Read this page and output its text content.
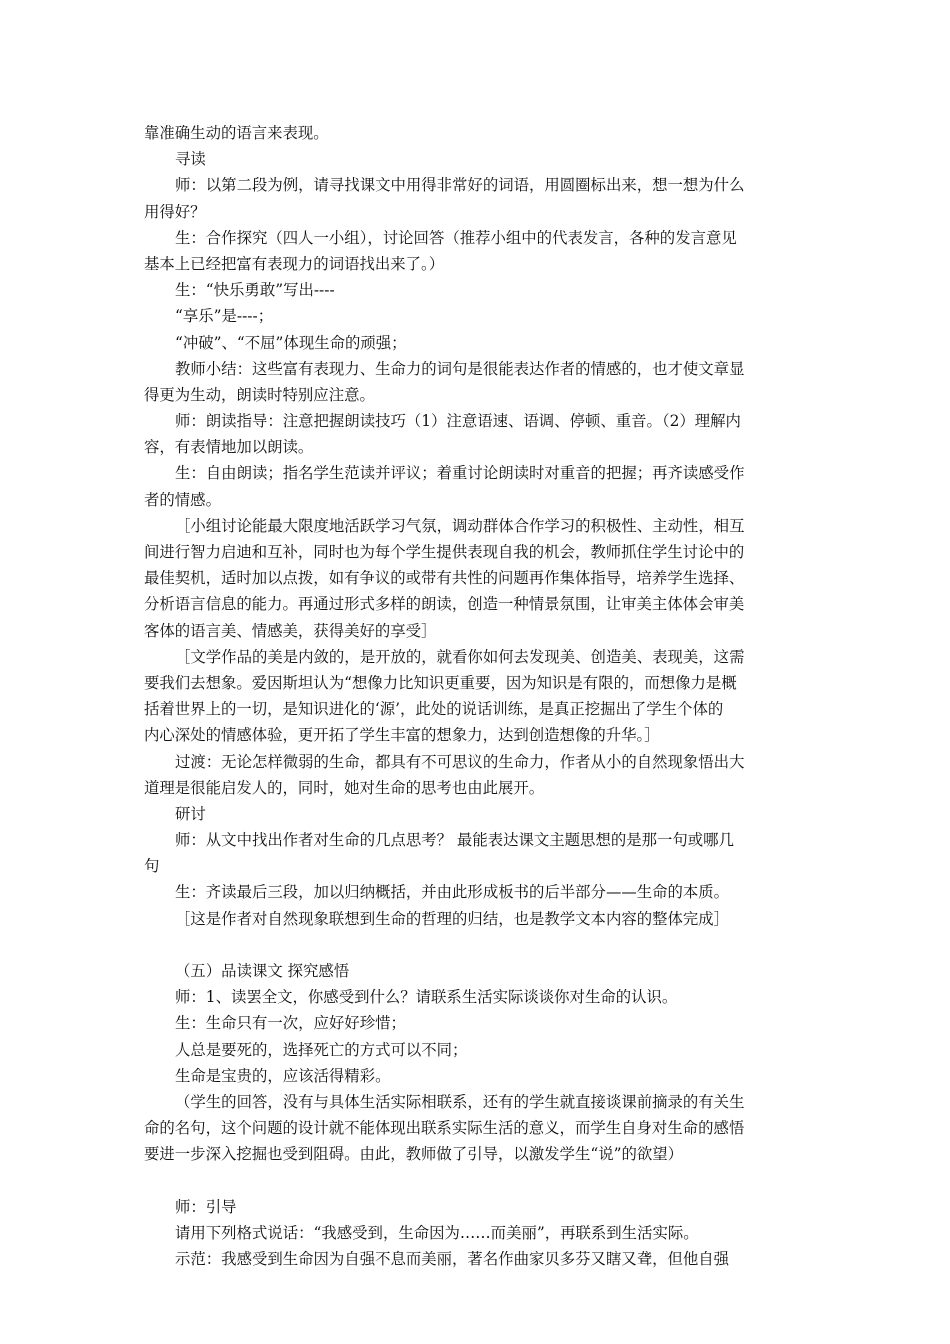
靠准确生动的语言来表现。
寻读
师：以第二段为例，请寻找课文中用得非常好的词语，用圆圈标出来，想一想为什么
用得好？
生：合作探究（四人一小组），讨论回答（推荐小组中的代表发言，各种的发言意见
基本上已经把富有表现力的词语找出来了。）
生：“快乐勇敢”写出----
“享乐”是----；
“冲破”、“不屈”体现生命的顽强；
教师小结：这些富有表现力、生命力的词句是很能表达作者的情感的，也才使文章显
得更为生动，朗读时特别应注意。
师：朗读指导：注意把握朗读技巧（1）注意语速、语调、停顿、重音。（2）理解内
容，有表情地加以朗读。
生：自由朗读；指名学生范读并评议；着重讨论朗读时对重音的把握；再齐读感受作
者的情感。
［小组讨论能最大限度地活跃学习气氛，调动群体合作学习的积极性、主动性，相互
间进行智力启迪和互补，同时也为每个学生提供表现自我的机会，教师抓住学生讨论中的
最佳契机，适时加以点拨，如有争议的或带有共性的问题再作集体指导，培养学生选择、
分析语言信息的能力。再通过形式多样的朗读，创造一种情景氛围，让审美主体体会审美
客体的语言美、情感美，获得美好的享受］
［文学作品的美是内敛的，是开放的，就看你如何去发现美、创造美、表现美，这需
要我们去想象。爱因斯坦认为“想像力比知识更重要，因为知识是有限的，而想像力是概
括着世界上的一切，是知识进化的‘源’，此处的说话训练，是真正挖掘出了学生个体的
内心深处的情感体验，更开拓了学生丰富的想象力，达到创造想像的升华。］
过渡：无论怎样微弱的生命，都具有不可思议的生命力，作者从小的自然现象悟出大
道理是很能启发人的，同时，她对生命的思考也由此展开。
研讨
师：从文中找出作者对生命的几点思考？ 最能表达课文主题思想的是那一句或哪几
句
生：齐读最后三段，加以归纳概括，并由此形成板书的后半部分——生命的本质。
［这是作者对自然现象联想到生命的哲理的归结，也是教学文本内容的整体完成］
（五）品读课文 探究感悟
师：1、读罢全文，你感受到什么？请联系生活实际谈谈你对生命的认识。
生：生命只有一次，应好好珍惜；
人总是要死的，选择死亡的方式可以不同；
生命是宝贵的，应该活得精彩。
（学生的回答，没有与具体生活实际相联系，还有的学生就直接谈课前摘录的有关生
命的名句，这个问题的设计就不能体现出联系实际生活的意义，而学生自身对生命的感悟
要进一步深入挖掘也受到阻碍。由此，教师做了引导，以激发学生“说”的欲望）
师：引导
请用下列格式说话：“我感受到，生命因为……而美丽”，再联系到生活实际。
示范：我感受到生命因为自强不息而美丽，著名作曲家贝多芬又瞎又聋，但他自强
